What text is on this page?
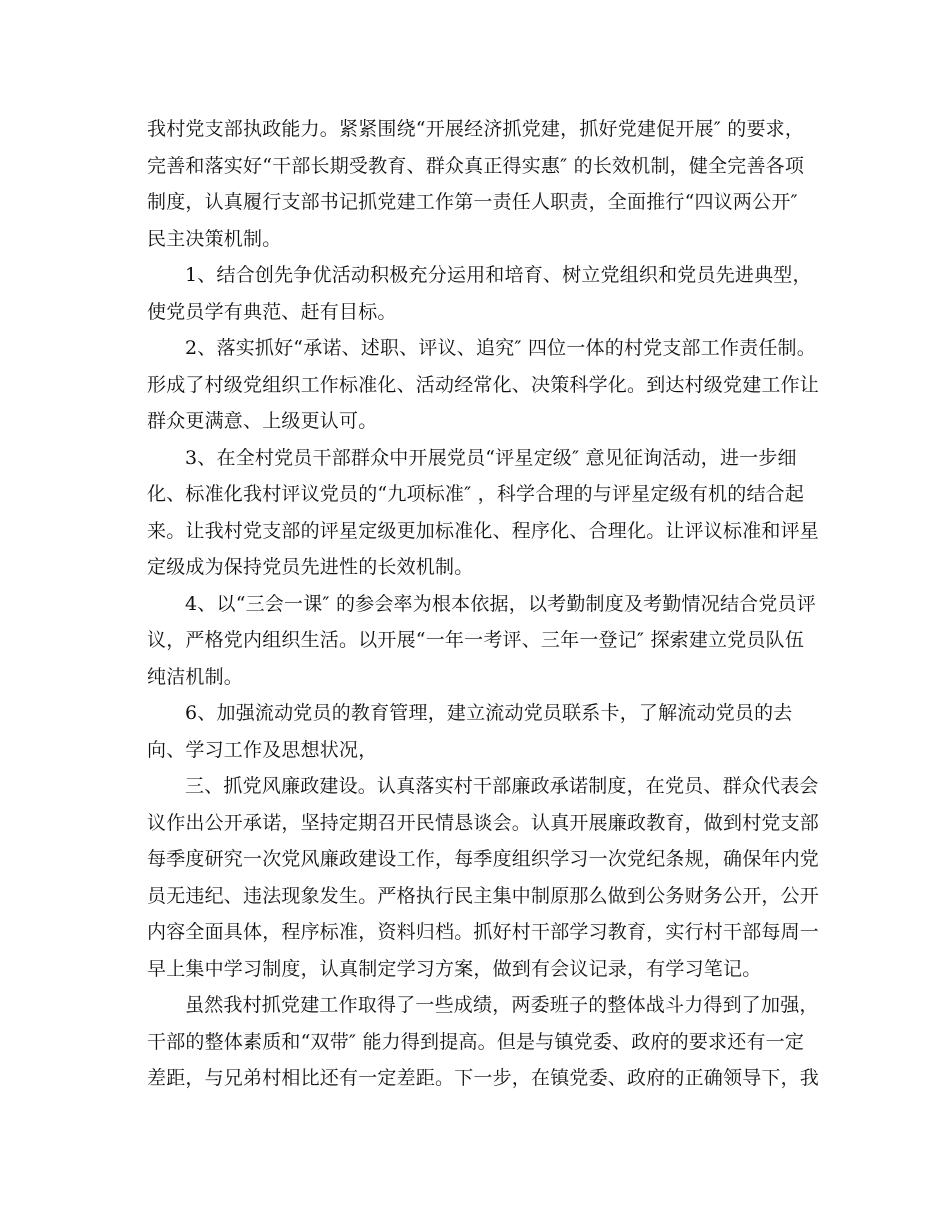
我村党支部执政能力。紧紧围绕“开展经济抓党建，抓好党建促开展″ 的要求，
完善和落实好“干部长期受教育、群众真正得实惠″ 的长效机制，健全完善各项
制度，认真履行支部书记抓党建工作第一责任人职责，全面推行“四议两公开″
民主决策机制。
1、结合创先争优活动积极充分运用和培育、树立党组织和党员先进典型，
使党员学有典范、赶有目标。
2、落实抓好“承诺、述职、评议、追究″ 四位一体的村党支部工作责任制。
形成了村级党组织工作标准化、活动经常化、决策科学化。到达村级党建工作让
群众更满意、上级更认可。
3、在全村党员干部群众中开展党员“评星定级″ 意见征询活动，进一步细
化、标准化我村评议党员的“九项标准″ ，科学合理的与评星定级有机的结合起
来。让我村党支部的评星定级更加标准化、程序化、合理化。让评议标准和评星
定级成为保持党员先进性的长效机制。
4、以“三会一课″ 的参会率为根本依据，以考勤制度及考勤情况结合党员评
议，严格党内组织生活。以开展“一年一考评、三年一登记″ 探索建立党员队伍
纯洁机制。
6、加强流动党员的教育管理，建立流动党员联系卡，了解流动党员的去
向、学习工作及思想状况，
三、抓党风廉政建设。认真落实村干部廉政承诺制度，在党员、群众代表会
议作出公开承诺，坚持定期召开民情恳谈会。认真开展廉政教育，做到村党支部
每季度研究一次党风廉政建设工作，每季度组织学习一次党纪条规，确保年内党
员无违纪、违法现象发生。严格执行民主集中制原那么做到公务财务公开，公开
内容全面具体，程序标准，资料归档。抓好村干部学习教育，实行村干部每周一
早上集中学习制度，认真制定学习方案，做到有会议记录，有学习笔记。
虽然我村抓党建工作取得了一些成绩，两委班子的整体战斗力得到了加强，
干部的整体素质和“双带″ 能力得到提高。但是与镇党委、政府的要求还有一定
差距，与兄弟村相比还有一定差距。下一步，在镇党委、政府的正确领导下，我
